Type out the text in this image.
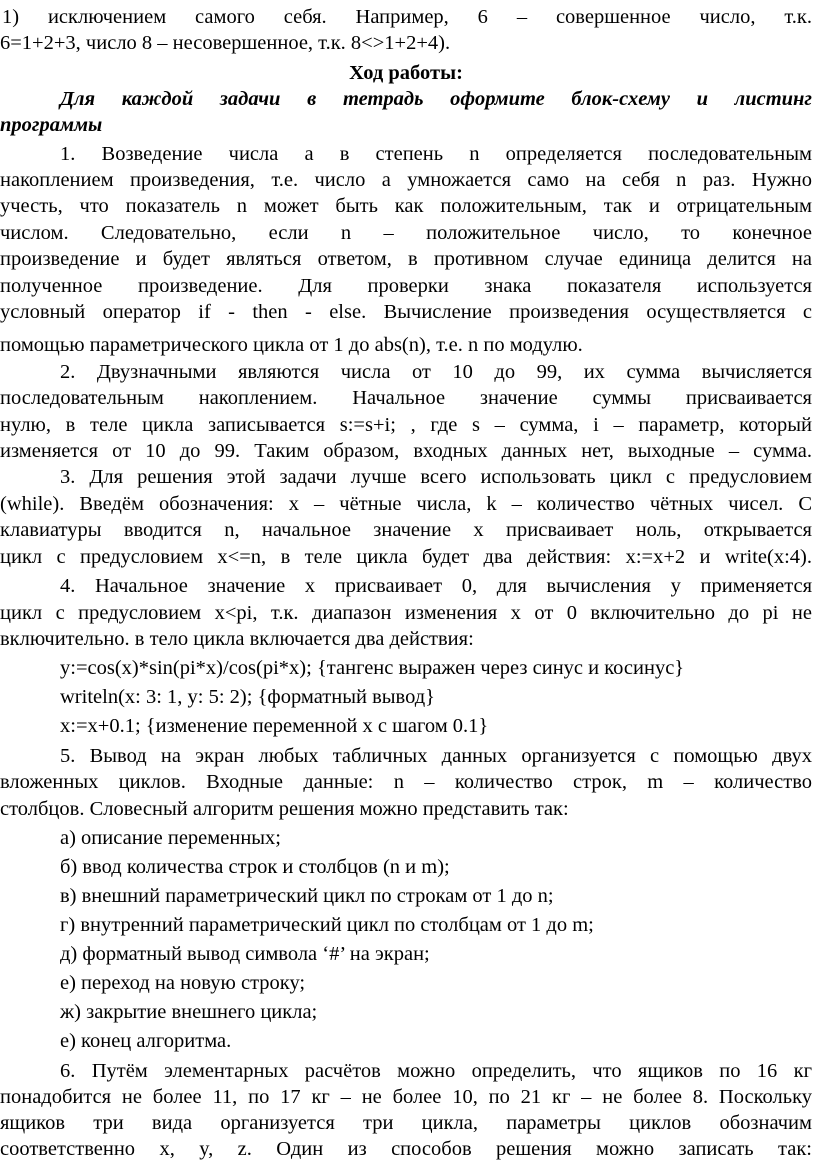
1) исключением самого себя. Например, 6 – совершенное число, т.к.
6=1+2+3, число 8 – несовершенное, т.к. 8<>1+2+4).
Ход работы:
Для каждой задачи в тетрадь оформите блок-схему и листинг
программы
1. Возведение числа a в степень n определяется последовательным
накоплением произведения, т.е. число a умножается само на себя n раз. Нужно
учесть, что показатель n может быть как положительным, так и отрицательным
числом. Следовательно, если n – положительное число, то конечное
произведение и будет являться ответом, в противном случае единица делится на
полученное произведение. Для проверки знака показателя используется
условный оператор if - then - else. Вычисление произведения осуществляется с
помощью параметрического цикла от 1 до abs(n), т.е. n по модулю.
2. Двузначными являются числа от 10 до 99, их сумма вычисляется
последовательным накоплением. Начальное значение суммы присваивается
нулю, в теле цикла записывается s:=s+i; , где s – сумма, i – параметр, который
изменяется от 10 до 99. Таким образом, входных данных нет, выходные – сумма.
3. Для решения этой задачи лучше всего использовать цикл с предусловием
(while). Введём обозначения: x – чётные числа, k – количество чётных чисел. С
клавиатуры вводится n, начальное значение x присваивает ноль, открывается
цикл с предусловием x<=n, в теле цикла будет два действия: x:=x+2 и write(x:4).
4. Начальное значение x присваивает 0, для вычисления y применяется
цикл с предусловием x<pi, т.к. диапазон изменения x от 0 включительно до pi не
включительно. в тело цикла включается два действия:
y:=cos(x)*sin(pi*x)/cos(pi*x); {тангенс выражен через синус и косинус}
writeln(x: 3: 1, y: 5: 2); {форматный вывод}
x:=x+0.1; {изменение переменной x с шагом 0.1}
5. Вывод на экран любых табличных данных организуется с помощью двух
вложенных циклов. Входные данные: n – количество строк, m – количество
столбцов. Словесный алгоритм решения можно представить так:
а) описание переменных;
б) ввод количества строк и столбцов (n и m);
в) внешний параметрический цикл по строкам от 1 до n;
г) внутренний параметрический цикл по столбцам от 1 до m;
д) форматный вывод символа ‘#’ на экран;
е) переход на новую строку;
ж) закрытие внешнего цикла;
е) конец алгоритма.
6. Путём элементарных расчётов можно определить, что ящиков по 16 кг
понадобится не более 11, по 17 кг – не более 10, по 21 кг – не более 8. Поскольку
ящиков три вида организуется три цикла, параметры циклов обозначим
соответственно x, y, z. Один из способов решения можно записать так:
